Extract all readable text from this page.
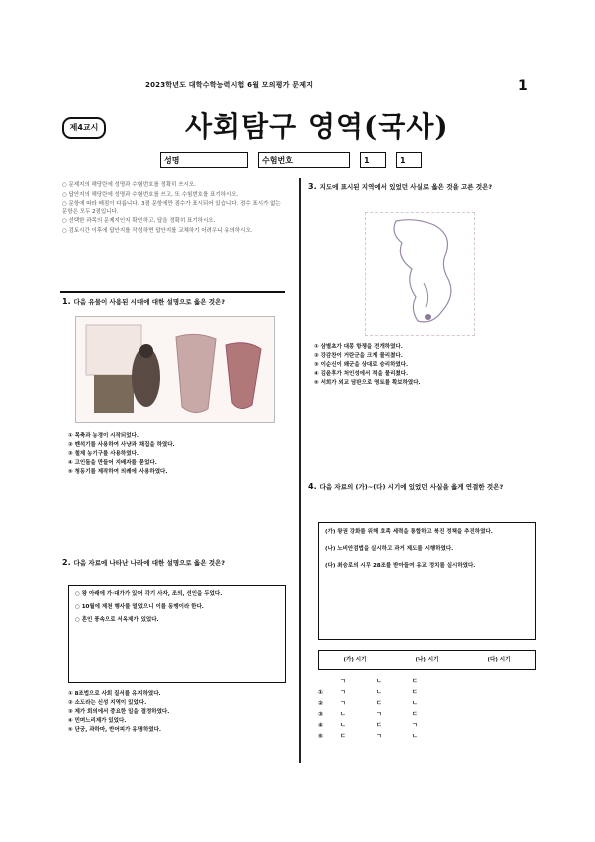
2023학년도 대학수학능력시험 6월 모의평가 문제지	1
제4교시	사회탐구 영역(국사)
성명	수험번호	1	1
○ 문제지의 해당란에 성명과 수험번호를 정확히 쓰시오.
○ 답안지의 해당란에 성명과 수험번호를 쓰고, 또 수험번호를 표기하시오.
○ 문항에 따라 배점이 다릅니다. 3점 문항에만 점수가 표시되어 있습니다. 점수 표시가 없는 문항은 모두 2점입니다.
○ 선택한 과목의 문제지인지 확인하고, 답을 정확히 표기하시오.
○ 검토시간 이후에 답안지를 작성하면 답안지를 교체하기 어려우니 유의하시오.
1. 다음 유물이 사용된 시대에 대한 설명으로 옳은 것은?
① 목축과 농경이 시작되었다.
② 뗀석기를 사용하여 사냥과 채집을 하였다.
③ 철제 농기구를 사용하였다.
④ 고인돌을 만들어 지배자를 묻었다.
⑤ 청동기를 제작하여 의례에 사용하였다.
2. 다음 자료에 나타난 나라에 대한 설명으로 옳은 것은?
○ 왕 아래에 가·대가가 있어 각기 사자, 조의, 선인을 두었다.
○ 10월에 제천 행사를 열었으니 이를 동맹이라 한다.
○ 혼인 풍속으로 서옥제가 있었다.
① 8조법으로 사회 질서를 유지하였다.
② 소도라는 신성 지역이 있었다.
③ 제가 회의에서 중요한 일을 결정하였다.
④ 민며느리제가 있었다.
⑤ 단궁, 과하마, 반어피가 유명하였다.
3. 지도에 표시된 지역에서 있었던 사실로 옳은 것을 고른 것은?
① 삼별초가 대몽 항쟁을 전개하였다.
② 강감찬이 거란군을 크게 물리쳤다.
③ 이순신이 왜군을 상대로 승리하였다.
④ 김윤후가 처인성에서 적을 물리쳤다.
⑤ 서희가 외교 담판으로 영토를 확보하였다.
4. 다음 자료의 (가)~(다) 시기에 있었던 사실을 옳게 연결한 것은?
(가) 왕권 강화를 위해 호족 세력을 통합하고 북진 정책을 추진하였다.
(나) 노비안검법을 실시하고 과거 제도를 시행하였다.
(다) 최승로의 시무 28조를 받아들여 유교 정치를 실시하였다.
(가) 시기	(나) 시기	(다) 시기
ㄱ	ㄴ	ㄷ
①	ㄱ	ㄴ	ㄷ
②	ㄱ	ㄷ	ㄴ
③	ㄴ	ㄱ	ㄷ
④	ㄴ	ㄷ	ㄱ
⑤	ㄷ	ㄱ	ㄴ
